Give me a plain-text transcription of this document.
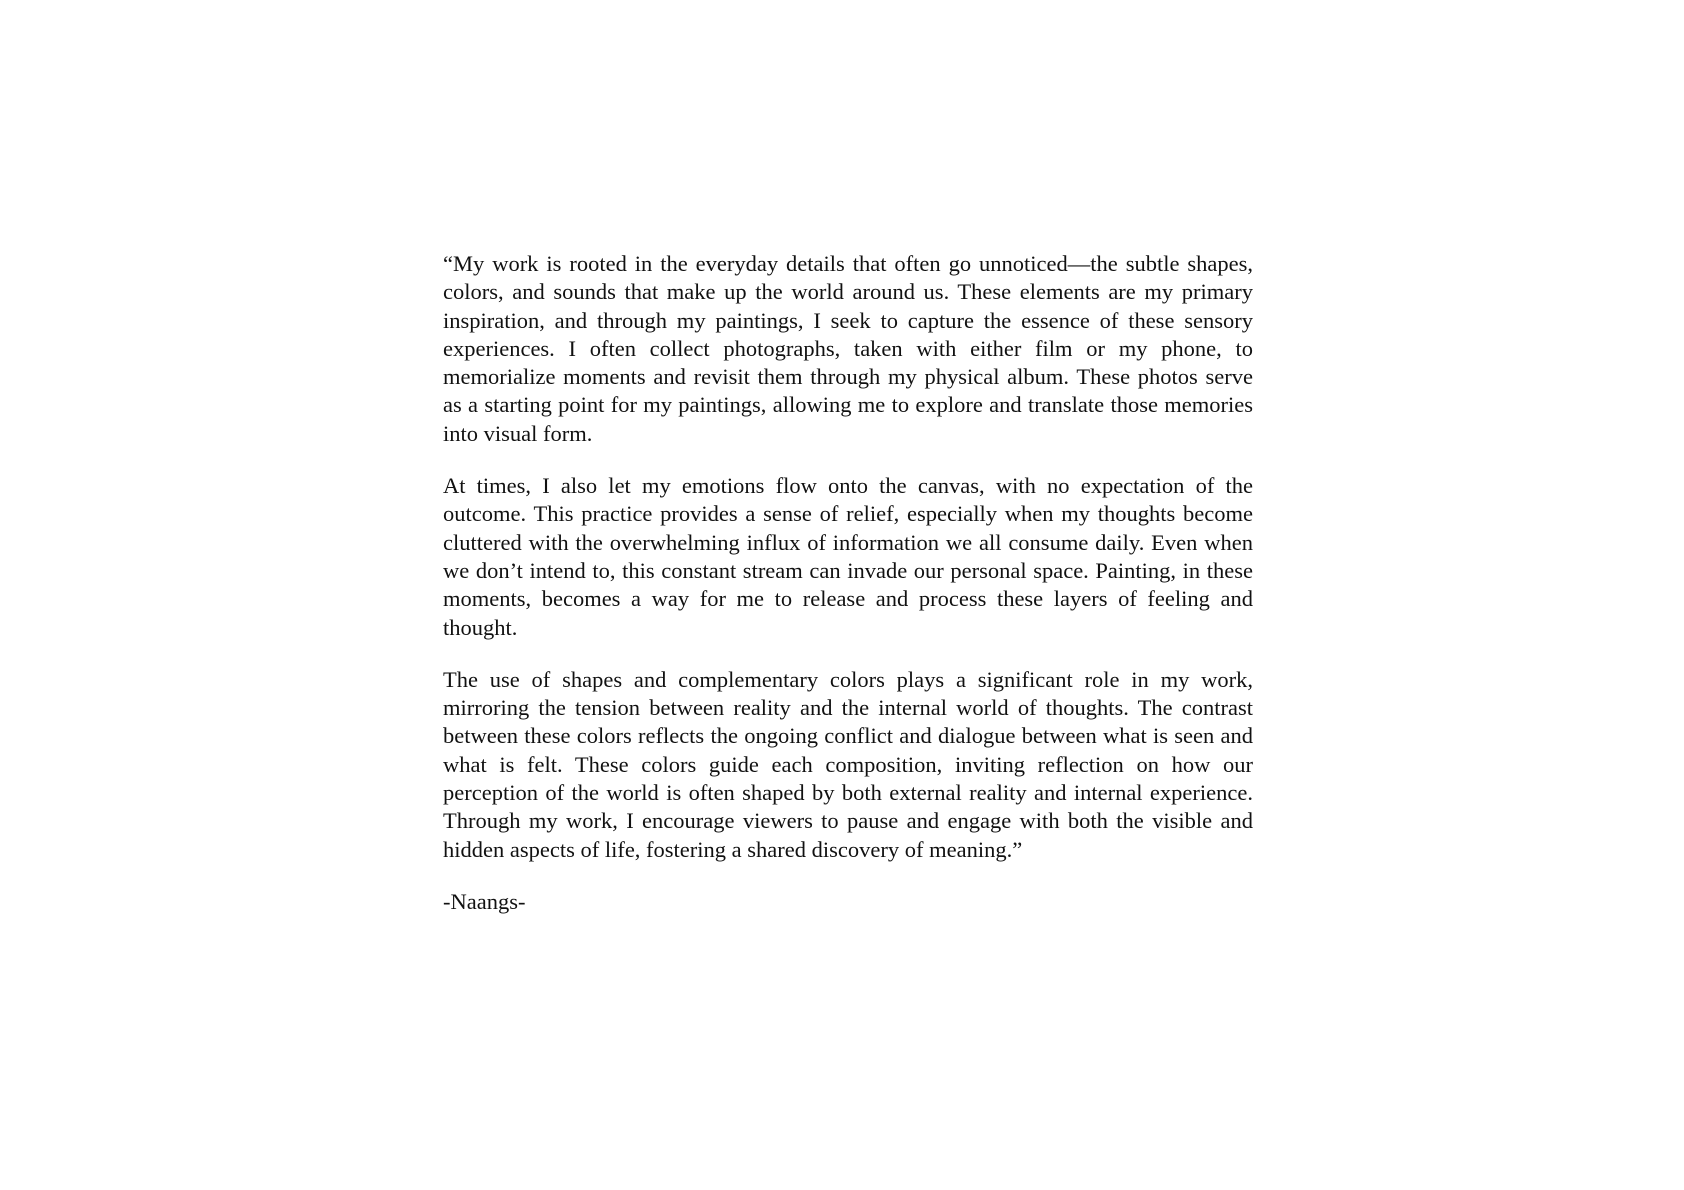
“My work is rooted in the everyday details that often go unnoticed—the subtle shapes, colors, and sounds that make up the world around us. These elements are my primary inspiration, and through my paintings, I seek to capture the essence of these sensory experiences. I often collect photographs, taken with either film or my phone, to memorialize moments and revisit them through my physical album. These photos serve as a starting point for my paintings, allowing me to explore and translate those memories into visual form.

At times, I also let my emotions flow onto the canvas, with no expectation of the outcome. This practice provides a sense of relief, especially when my thoughts become cluttered with the overwhelming influx of information we all consume daily. Even when we don’t intend to, this constant stream can invade our personal space. Painting, in these moments, becomes a way for me to release and process these layers of feeling and thought.

The use of shapes and complementary colors plays a significant role in my work, mirroring the tension between reality and the internal world of thoughts. The contrast between these colors reflects the ongoing conflict and dialogue between what is seen and what is felt. These colors guide each composition, inviting reflection on how our perception of the world is often shaped by both external reality and internal experience. Through my work, I encourage viewers to pause and engage with both the visible and hidden aspects of life, fostering a shared discovery of meaning.”

-Naangs-
